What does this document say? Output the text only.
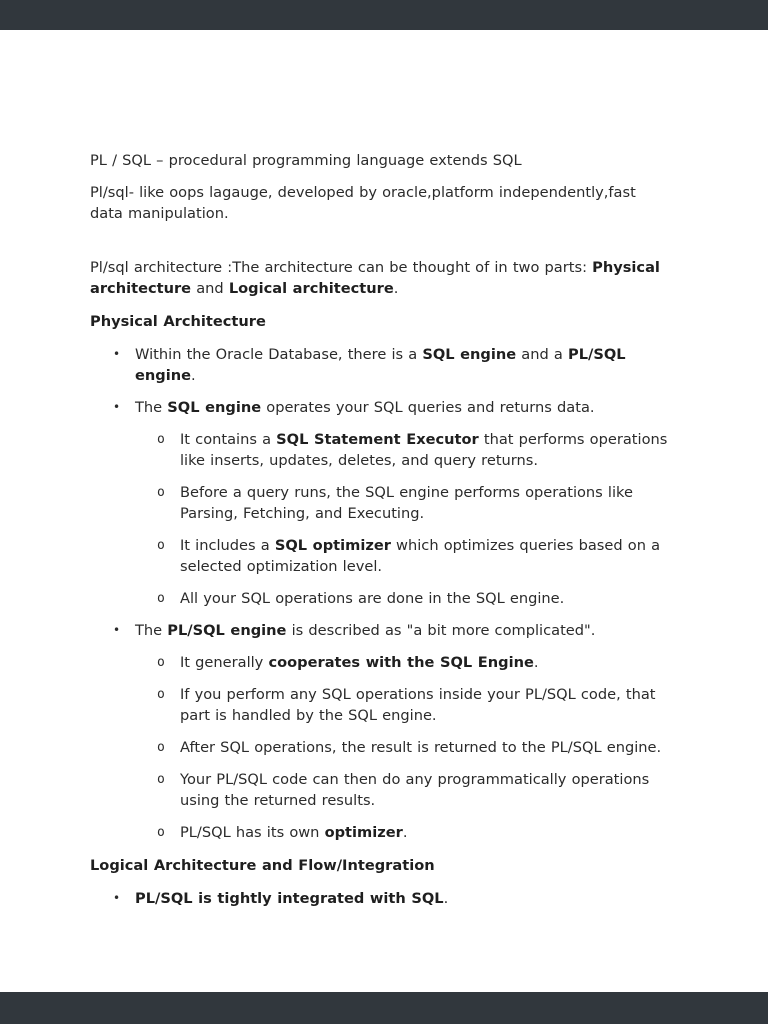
PL / SQL – procedural programming language extends SQL

Pl/sql- like oops lagauge, developed by oracle,platform independently,fast data manipulation.

Pl/sql architecture :The architecture can be thought of in two parts: Physical architecture and Logical architecture.

Physical Architecture

•	Within the Oracle Database, there is a SQL engine and a PL/SQL engine.
•	The SQL engine operates your SQL queries and returns data.
o	It contains a SQL Statement Executor that performs operations like inserts, updates, deletes, and query returns.
o	Before a query runs, the SQL engine performs operations like Parsing, Fetching, and Executing.
o	It includes a SQL optimizer which optimizes queries based on a selected optimization level.
o	All your SQL operations are done in the SQL engine.
•	The PL/SQL engine is described as "a bit more complicated".
o	It generally cooperates with the SQL Engine.
o	If you perform any SQL operations inside your PL/SQL code, that part is handled by the SQL engine.
o	After SQL operations, the result is returned to the PL/SQL engine.
o	Your PL/SQL code can then do any programmatically operations using the returned results.
o	PL/SQL has its own optimizer.

Logical Architecture and Flow/Integration

•	PL/SQL is tightly integrated with SQL.
